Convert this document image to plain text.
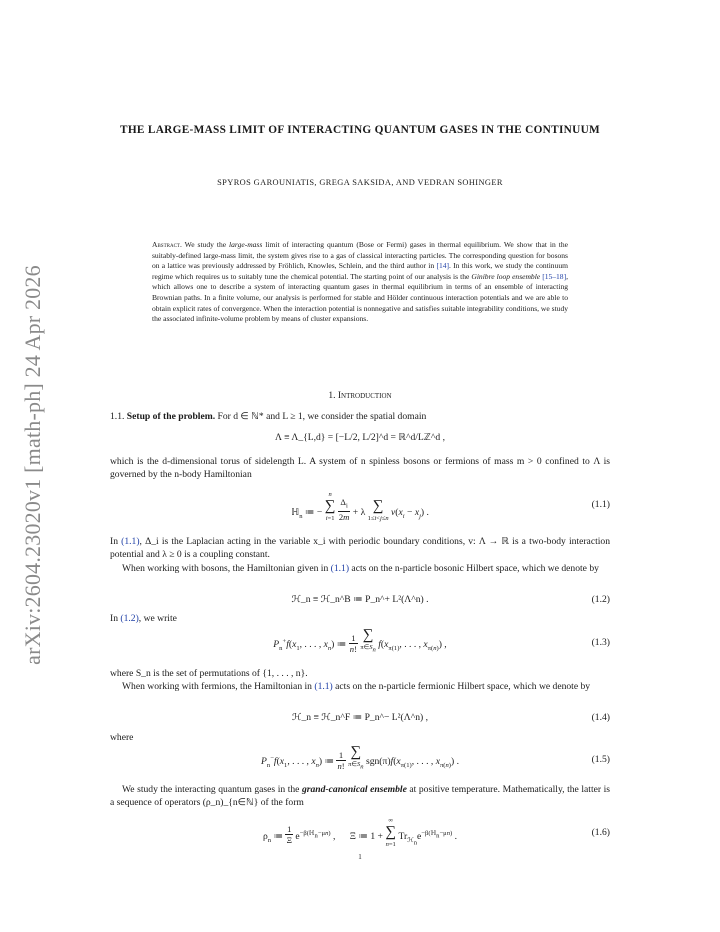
arXiv:2604.23020v1 [math-ph] 24 Apr 2026
THE LARGE-MASS LIMIT OF INTERACTING QUANTUM GASES IN THE CONTINUUM
SPYROS GAROUNIATIS, GREGA SAKSIDA, AND VEDRAN SOHINGER
Abstract. We study the large-mass limit of interacting quantum (Bose or Fermi) gases in thermal equilibrium. We show that in the suitably-defined large-mass limit, the system gives rise to a gas of classical interacting particles. The corresponding question for bosons on a lattice was previously addressed by Fröhlich, Knowles, Schlein, and the third author in [14]. In this work, we study the continuum regime which requires us to suitably tune the chemical potential. The starting point of our analysis is the Ginibre loop ensemble [15–18], which allows one to describe a system of interacting quantum gases in thermal equilibrium in terms of an ensemble of interacting Brownian paths. In a finite volume, our analysis is performed for stable and Hölder continuous interaction potentials and we are able to obtain explicit rates of convergence. When the interaction potential is nonnegative and satisfies suitable integrability conditions, we study the associated infinite-volume problem by means of cluster expansions.
1. Introduction
1.1. Setup of the problem. For d ∈ ℕ* and L ≥ 1, we consider the spatial domain
Λ ≡ Λ_{L,d} = [−L/2, L/2]^d = ℝ^d/Lℤ^d ,
which is the d-dimensional torus of sidelength L. A system of n spinless bosons or fermions of mass m > 0 confined to Λ is governed by the n-body Hamiltonian
ℍ$_n$ ≔ −
n
∑
i=1
$\frac{\Delta_i}{2m} + \lambda$
∑
1≤i<j≤n
$v(x_i - x_j)$ .
(1.1)
In (1.1), Δ_i is the Laplacian acting in the variable x_i with periodic boundary conditions, v: Λ → ℝ is a two-body interaction potential and λ ≥ 0 is a coupling constant.
When working with bosons, the Hamiltonian given in (1.1) acts on the n-particle bosonic Hilbert space, which we denote by
ℋ_n ≡ ℋ_n^B ≔ P_n^+ L²(Λ^n) .	(1.2)
In (1.2), we write
$P_n^+f(x_1$, . . . , $x_n$) ≔ $\frac{1}{n!}$
∑
$\pi\in S_n$ $f(x_{\pi(1)}$, . . . , $x_{\pi(n)}$) ,	(1.3)
where S_n is the set of permutations of {1, . . . , n}.
When working with fermions, the Hamiltonian in (1.1) acts on the n-particle fermionic Hilbert space, which we denote by
ℋ_n ≡ ℋ_n^F ≔ P_n^− L²(Λ^n) ,	(1.4)
where
$P_n^-f(x_1$, . . . , $x_n$) ≔ $\frac{1}{n!}$
∑
$\pi\in S_n$ $sgn(\pi)f(x_{\pi(1)}$, . . . , $x_{\pi(n)}$) .	(1.5)
We study the interacting quantum gases in the grand-canonical ensemble at positive temperature. Mathematically, the latter is a sequence of operators (ρ_n)_{n∈ℕ} of the form
$\rho_n$ ≔ $\frac{1}{\Xi} e^{-\beta(ℍ_n-\mu n)}$ ,      Ξ ≔ 1 +
∞
∑
n=1
$Tr_{ℋ_n}e^{-\beta(ℍ_n-\mu n)}$ .	(1.6)
1
